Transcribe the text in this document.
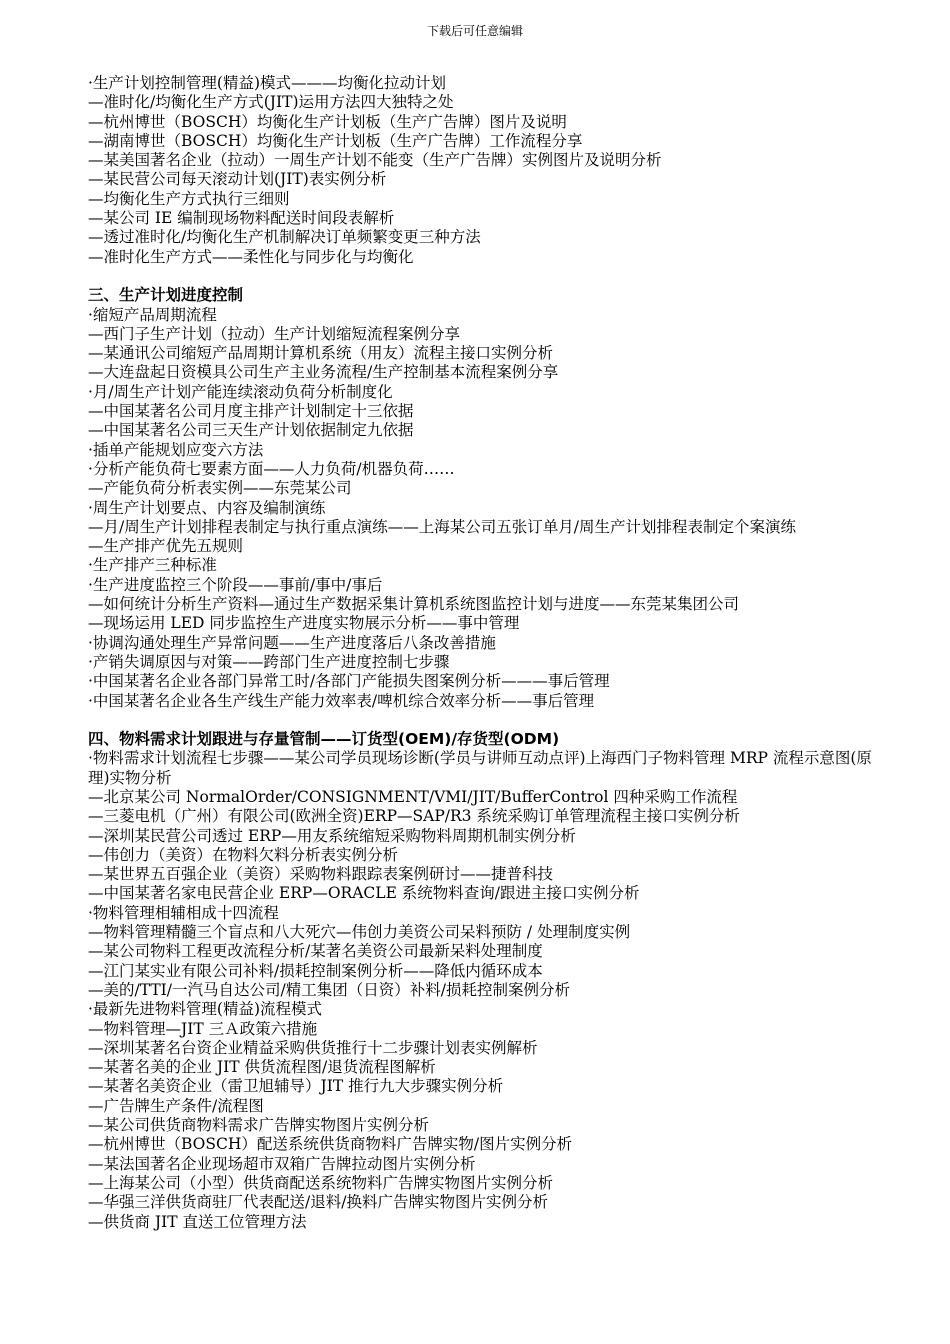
下载后可任意编辑
·生产计划控制管理(精益)模式———均衡化拉动计划
—准时化/均衡化生产方式(JIT)运用方法四大独特之处
—杭州博世（BOSCH）均衡化生产计划板（生产广告牌）图片及说明
—湖南博世（BOSCH）均衡化生产计划板（生产广告牌）工作流程分享
—某美国著名企业（拉动）一周生产计划不能变（生产广告牌）实例图片及说明分析
—某民营公司每天滚动计划(JIT)表实例分析
—均衡化生产方式执行三细则
—某公司 IE 编制现场物料配送时间段表解析
—透过准时化/均衡化生产机制解决订单频繁变更三种方法
—准时化生产方式——柔性化与同步化与均衡化
三、生产计划进度控制
·缩短产品周期流程
—西门子生产计划（拉动）生产计划缩短流程案例分享
—某通讯公司缩短产品周期计算机系统（用友）流程主接口实例分析
—大连盘起日资模具公司生产主业务流程/生产控制基本流程案例分享
·月/周生产计划产能连续滚动负荷分析制度化
—中国某著名公司月度主排产计划制定十三依据
—中国某著名公司三天生产计划依据制定九依据
·插单产能规划应变六方法
·分析产能负荷七要素方面——人力负荷/机器负荷……
—产能负荷分析表实例——东莞某公司
·周生产计划要点、内容及编制演练
—月/周生产计划排程表制定与执行重点演练——上海某公司五张订单月/周生产计划排程表制定个案演练
—生产排产优先五规则
·生产排产三种标准
·生产进度监控三个阶段——事前/事中/事后
—如何统计分析生产资料—通过生产数据采集计算机系统图监控计划与进度——东莞某集团公司
—现场运用 LED 同步监控生产进度实物展示分析——事中管理
·协调沟通处理生产异常问题——生产进度落后八条改善措施
·产销失调原因与对策——跨部门生产进度控制七步骤
·中国某著名企业各部门异常工时/各部门产能损失图案例分析———事后管理
·中国某著名企业各生产线生产能力效率表/啤机综合效率分析——事后管理
四、物料需求计划跟进与存量管制——订货型(OEM)/存货型(ODM)
·物料需求计划流程七步骤——某公司学员现场诊断(学员与讲师互动点评)上海西门子物料管理 MRP 流程示意图(原理)实物分析
—北京某公司 NormalOrder/CONSIGNMENT/VMI/JIT/BufferControl 四种采购工作流程
—三菱电机（广州）有限公司(欧洲全资)ERP—SAP/R3 系统采购订单管理流程主接口实例分析
—深圳某民营公司透过 ERP—用友系统缩短采购物料周期机制实例分析
—伟创力（美资）在物料欠料分析表实例分析
—某世界五百强企业（美资）采购物料跟踪表案例研讨——捷普科技
—中国某著名家电民营企业 ERP—ORACLE 系统物料查询/跟进主接口实例分析
·物料管理相辅相成十四流程
—物料管理精髓三个盲点和八大死穴—伟创力美资公司呆料预防 / 处理制度实例
—某公司物料工程更改流程分析/某著名美资公司最新呆料处理制度
—江门某实业有限公司补料/损耗控制案例分析——降低内循环成本
—美的/TTI/一汽马自达公司/精工集团（日资）补料/损耗控制案例分析
·最新先进物料管理(精益)流程模式
—物料管理—JIT 三Ａ政策六措施
—深圳某著名台资企业精益采购供货推行十二步骤计划表实例解析
—某著名美的企业 JIT 供货流程图/退货流程图解析
—某著名美资企业（雷卫旭辅导）JIT 推行九大步骤实例分析
—广告牌生产条件/流程图
—某公司供货商物料需求广告牌实物图片实例分析
—杭州博世（BOSCH）配送系统供货商物料广告牌实物/图片实例分析
—某法国著名企业现场超市双箱广告牌拉动图片实例分析
—上海某公司（小型）供货商配送系统物料广告牌实物图片实例分析
—华强三洋供货商驻厂代表配送/退料/换料广告牌实物图片实例分析
—供货商 JIT 直送工位管理方法
